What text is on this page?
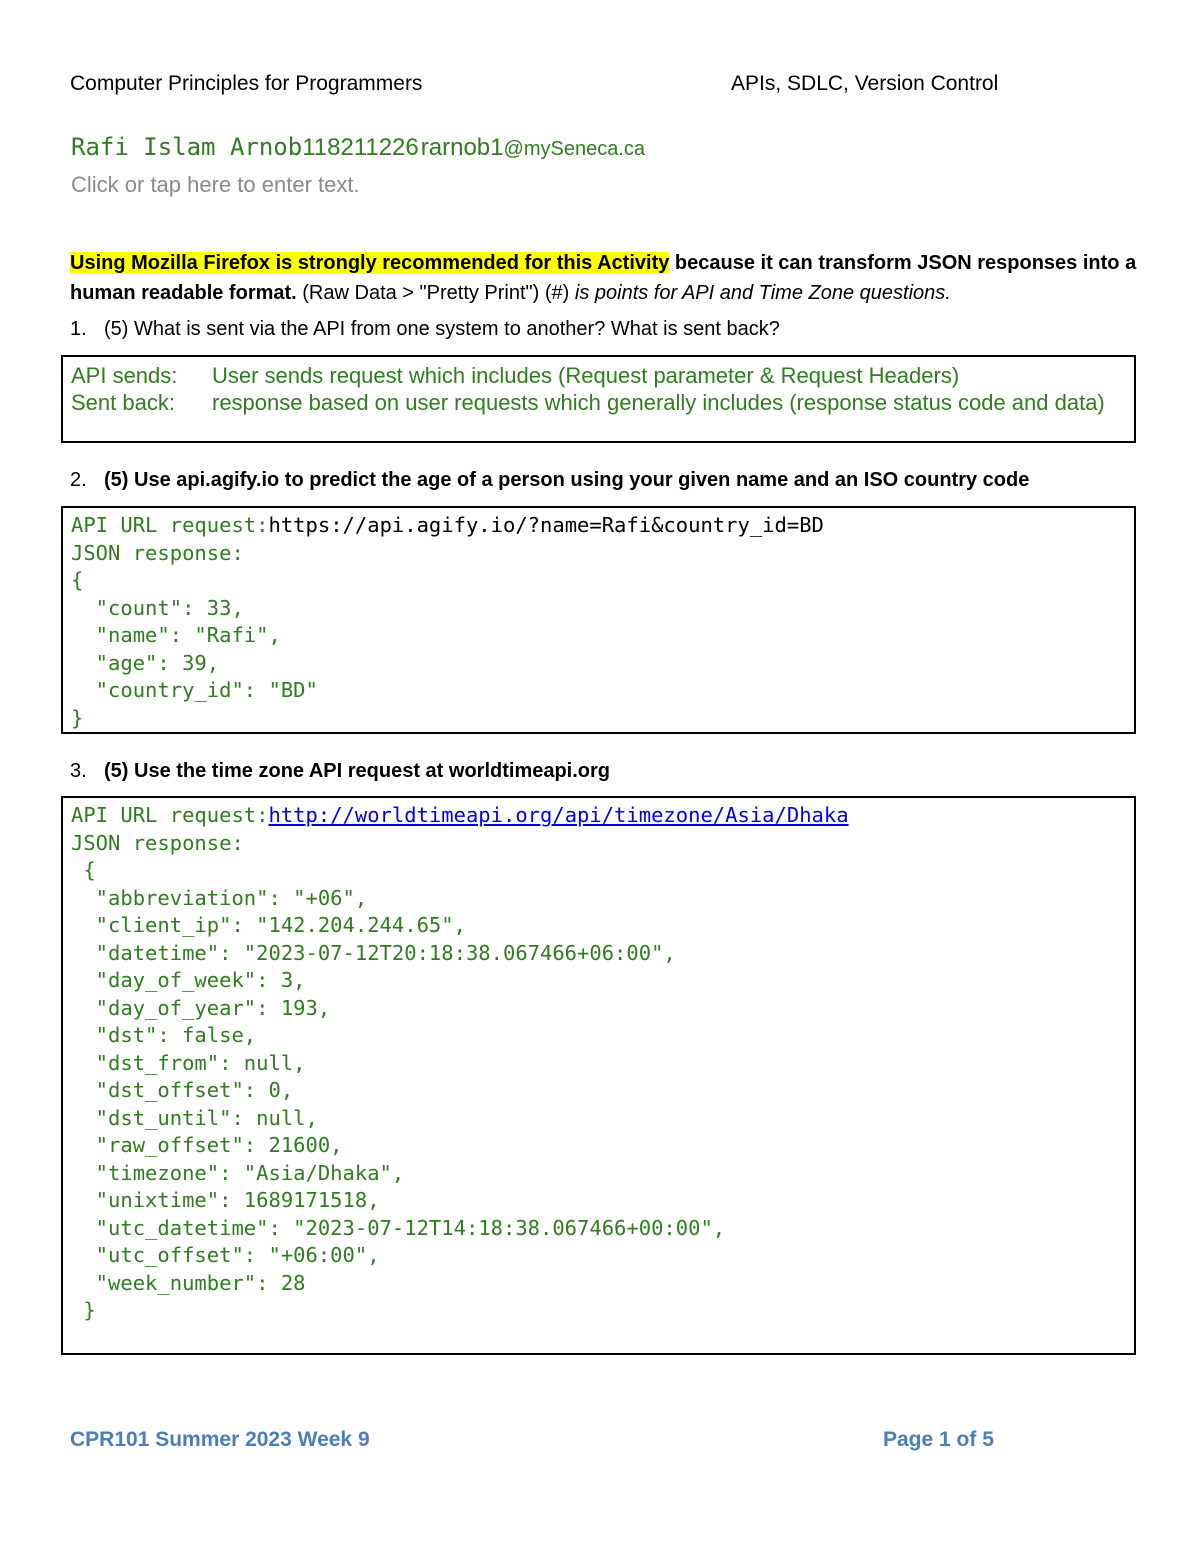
Computer Principles for Programmers	APIs, SDLC, Version Control
Rafi Islam Arnob118211226 rarnob1@mySeneca.ca
Click or tap here to enter text.
Using Mozilla Firefox is strongly recommended for this Activity because it can transform JSON responses into a human readable format. (Raw Data > "Pretty Print") (#) is points for API and Time Zone questions.
1. (5) What is sent via the API from one system to another? What is sent back?
API sends:	User sends request which includes (Request parameter & Request Headers)
Sent back: response based on user requests which generally includes (response status code and data)
2. (5) Use api.agify.io to predict the age of a person using your given name and an ISO country code
API URL request:https://api.agify.io/?name=Rafi&country_id=BD
JSON response:
{
"count": 33,
"name": "Rafi",
"age": 39,
"country_id": "BD"
}
3. (5) Use the time zone API request at worldtimeapi.org
API URL request:http://worldtimeapi.org/api/timezone/Asia/Dhaka
JSON response:
{
"abbreviation": "+06",
"client_ip": "142.204.244.65",
"datetime": "2023-07-12T20:18:38.067466+06:00",
"day_of_week": 3,
"day_of_year": 193,
"dst": false,
"dst_from": null,
"dst_offset": 0,
"dst_until": null,
"raw_offset": 21600,
"timezone": "Asia/Dhaka",
"unixtime": 1689171518,
"utc_datetime": "2023-07-12T14:18:38.067466+00:00",
"utc_offset": "+06:00",
"week_number": 28
}
CPR101 Summer 2023 Week 9	Page 1 of 5
